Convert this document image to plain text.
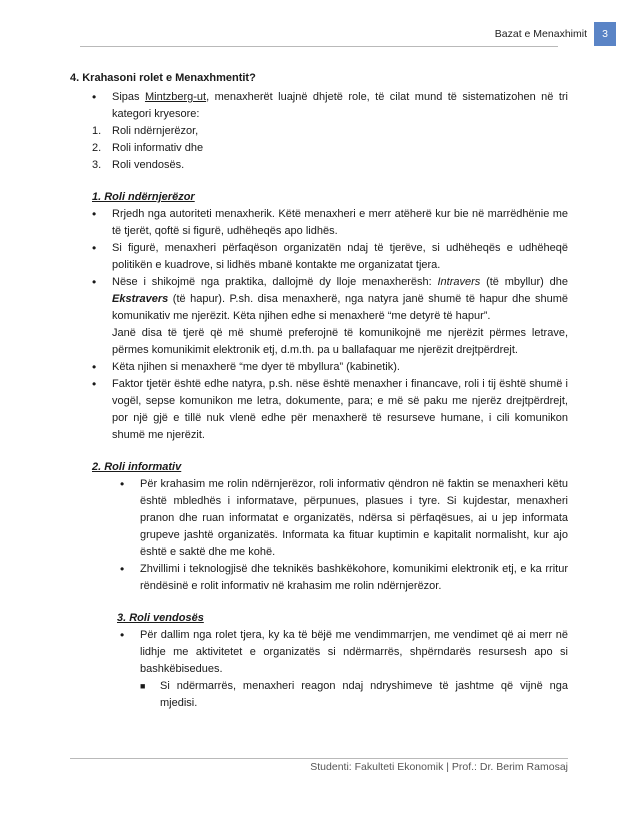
Bazat e Menaxhimit	3

4. Krahasoni rolet e Menaxhmentit?

• Sipas Mintzberg-ut, menaxherët luajnë dhjetë role, të cilat mund të sistematizohen në tri kategori kryesore:

1. Roli ndërnjerëzor,

2. Roli informativ dhe

3. Roli vendosës.

1. Roli ndërnjerëzor

• Rrjedh nga autoriteti menaxherik. Këtë menaxheri e merr atëherë kur bie në marrëdhënie me të tjerët, qoftë si figurë, udhëheqës apo lidhës.

• Si figurë, menaxheri përfaqëson organizatën ndaj të tjerëve, si udhëheqës e udhëheqë politikën e kuadrove, si lidhës mbanë kontakte me organizatat tjera.

• Nëse i shikojmë nga praktika, dallojmë dy lloje menaxherësh: Intravers (të mbyllur) dhe Ekstravers (të hapur). P.sh. disa menaxherë, nga natyra janë shumë të hapur dhe shumë komunikativ me njerëzit. Këta njihen edhe si menaxherë “me detyrë të hapur”.

Janë disa të tjerë që më shumë preferojnë të komunikojnë me njerëzit përmes letrave, përmes komunikimit elektronik etj, d.m.th. pa u ballafaquar me njerëzit drejtpërdrejt.

• Këta njihen si menaxherë “me dyer të mbyllura” (kabinetik).

• Faktor tjetër është edhe natyra, p.sh. nëse është menaxher i financave, roli i tij është shumë i vogël, sepse komunikon me letra, dokumente, para; e më së paku me njerëz drejtpërdrejt, por një gjë e tillë nuk vlenë edhe për menaxherë të resurseve humane, i cili komunikon shumë me njerëzit.

2. Roli informativ

• Për krahasim me rolin ndërnjerëzor, roli informativ qëndron në faktin se menaxheri këtu është mbledhës i informatave, përpunues, plasues i tyre. Si kujdestar, menaxheri pranon dhe ruan informatat e organizatës, ndërsa si përfaqësues, ai u jep informata grupeve jashtë organizatës. Informata ka fituar kuptimin e kapitalit normalisht, kur ajo është e saktë dhe me kohë.

• Zhvillimi i teknologjisë dhe teknikës bashkëkohore, komunikimi elektronik etj, e ka rritur rëndësinë e rolit informativ në krahasim me rolin ndërnjerëzor.

3. Roli vendosës

• Për dallim nga rolet tjera, ky ka të bëjë me vendimmarrjen, me vendimet që ai merr në lidhje me aktivitetet e organizatës si ndërmarrës, shpërndarës resursesh apo si bashkëbisedues.

■ Si ndërmarrës, menaxheri reagon ndaj ndryshimeve të jashtme që vijnë nga mjedisi.

Studenti: Fakulteti Ekonomik | Prof.: Dr. Berim Ramosaj
